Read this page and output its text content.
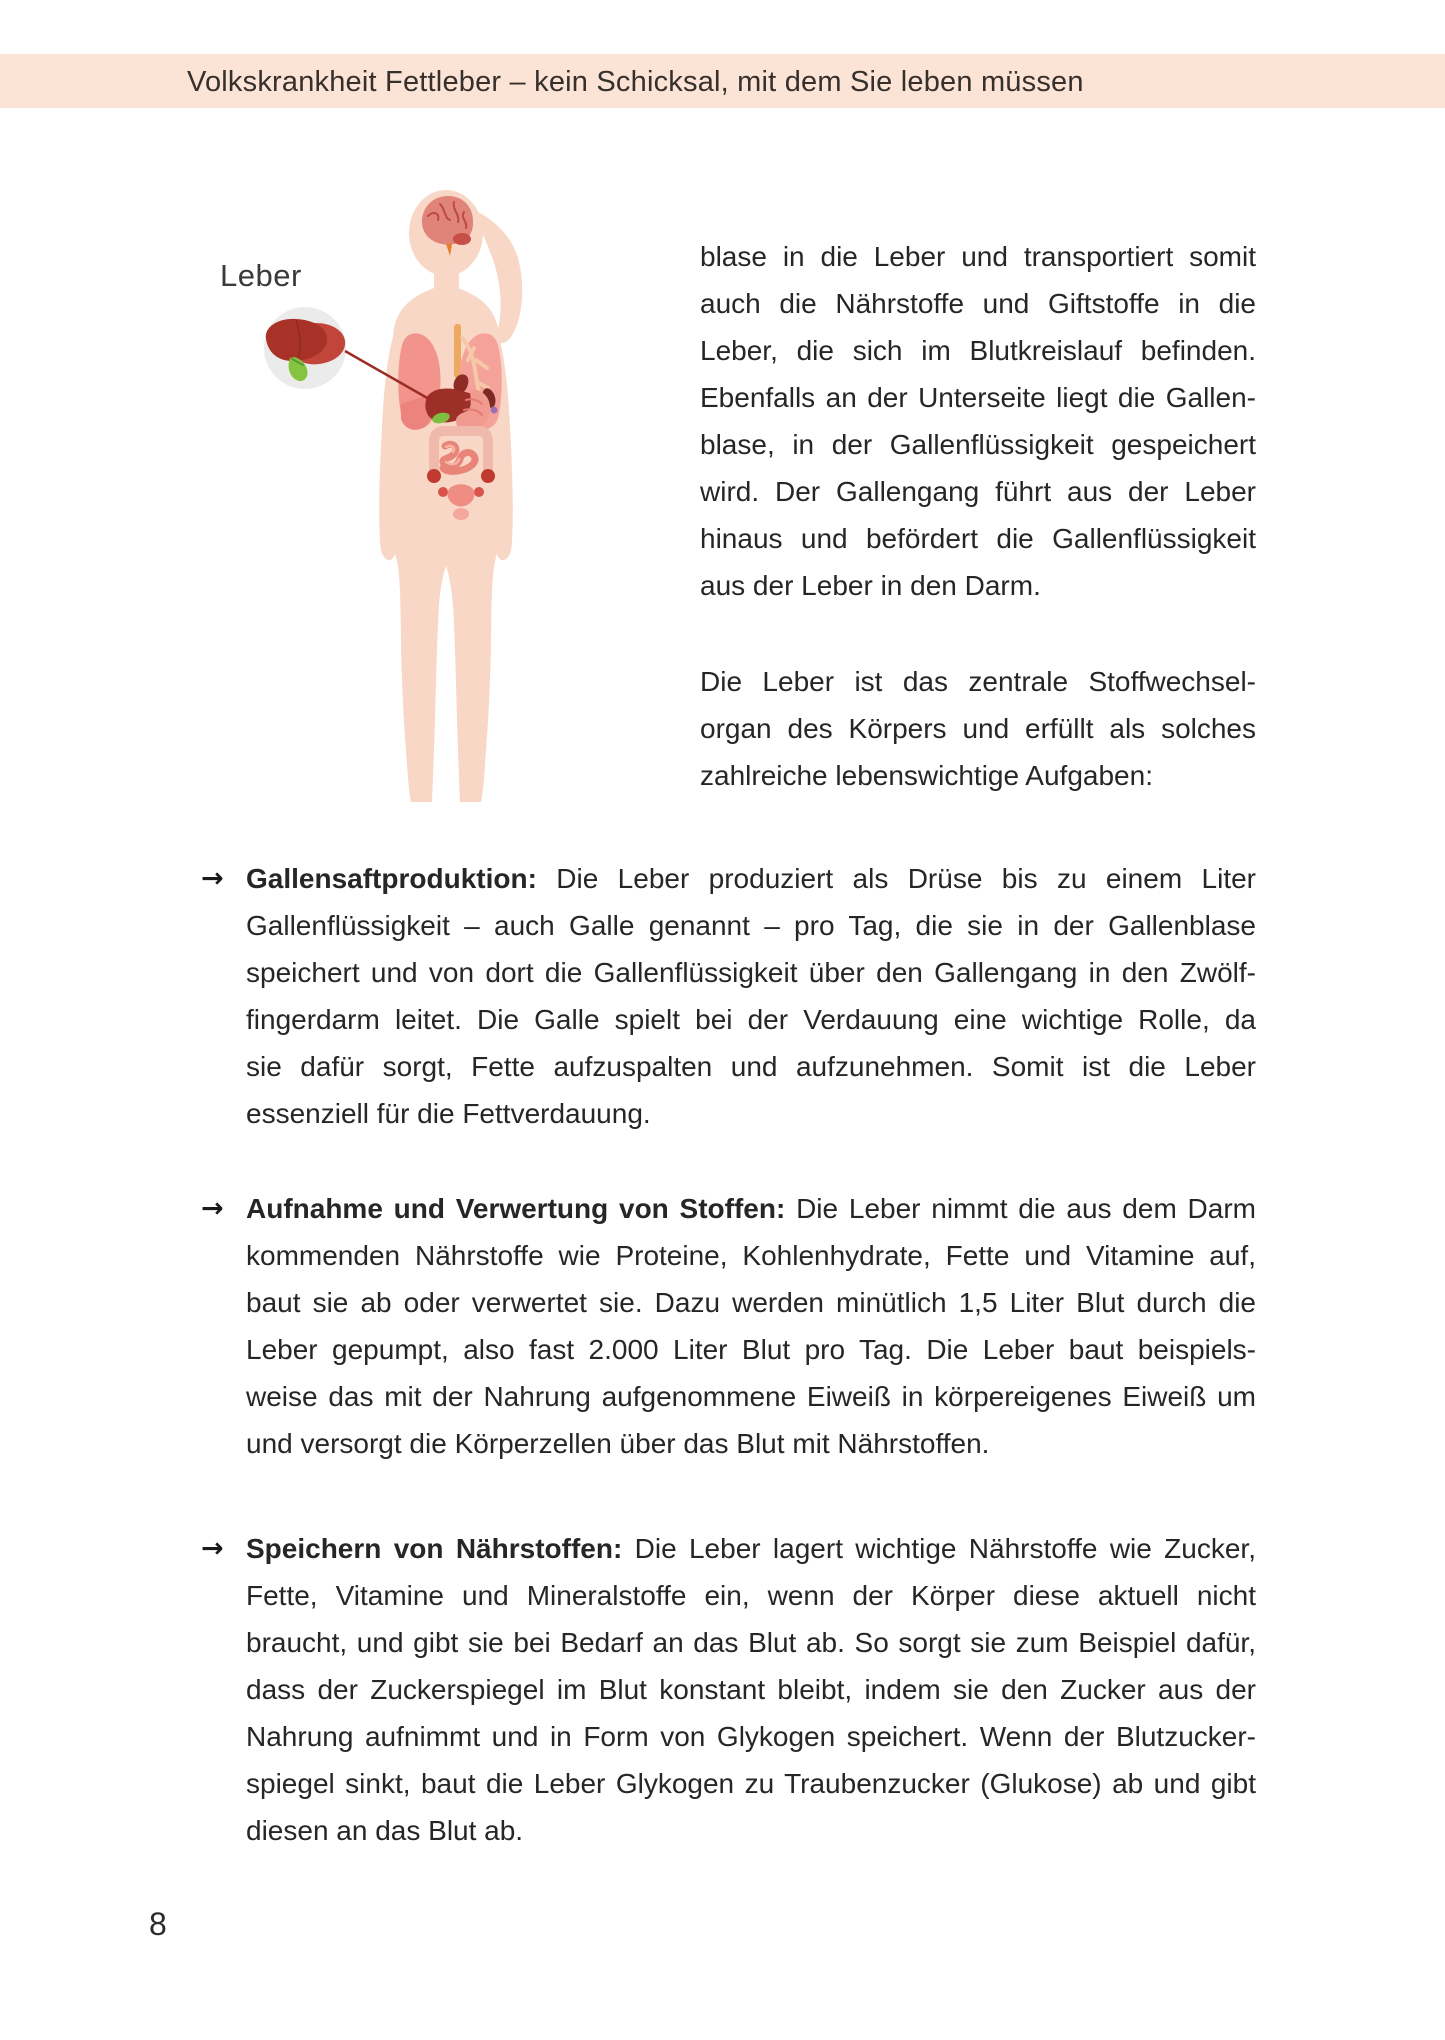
Volkskrankheit Fettleber – kein Schicksal, mit dem Sie leben müssen
Leber
blase in die Leber und transportiert somit
auch die Nährstoffe und Giftstoffe in die
Leber, die sich im Blutkreislauf befinden.
Ebenfalls an der Unterseite liegt die Gallen-
blase, in der Gallenflüssigkeit gespeichert
wird. Der Gallengang führt aus der Leber
hinaus und befördert die Gallenflüssigkeit
aus der Leber in den Darm.
Die Leber ist das zentrale Stoffwechsel-
organ des Körpers und erfüllt als solches
zahlreiche lebenswichtige Aufgaben:
→ Gallensaftproduktion: Die Leber produziert als Drüse bis zu einem Liter
Gallenflüssigkeit – auch Galle genannt – pro Tag, die sie in der Gallenblase
speichert und von dort die Gallenflüssigkeit über den Gallengang in den Zwölf-
fingerdarm leitet. Die Galle spielt bei der Verdauung eine wichtige Rolle, da
sie dafür sorgt, Fette aufzuspalten und aufzunehmen. Somit ist die Leber
essenziell für die Fettverdauung.
→ Aufnahme und Verwertung von Stoffen: Die Leber nimmt die aus dem Darm
kommenden Nährstoffe wie Proteine, Kohlenhydrate, Fette und Vitamine auf,
baut sie ab oder verwertet sie. Dazu werden minütlich 1,5 Liter Blut durch die
Leber gepumpt, also fast 2.000 Liter Blut pro Tag. Die Leber baut beispiels-
weise das mit der Nahrung aufgenommene Eiweiß in körpereigenes Eiweiß um
und versorgt die Körperzellen über das Blut mit Nährstoffen.
→ Speichern von Nährstoffen: Die Leber lagert wichtige Nährstoffe wie Zucker,
Fette, Vitamine und Mineralstoffe ein, wenn der Körper diese aktuell nicht
braucht, und gibt sie bei Bedarf an das Blut ab. So sorgt sie zum Beispiel dafür,
dass der Zuckerspiegel im Blut konstant bleibt, indem sie den Zucker aus der
Nahrung aufnimmt und in Form von Glykogen speichert. Wenn der Blutzucker-
spiegel sinkt, baut die Leber Glykogen zu Traubenzucker (Glukose) ab und gibt
diesen an das Blut ab.
8
